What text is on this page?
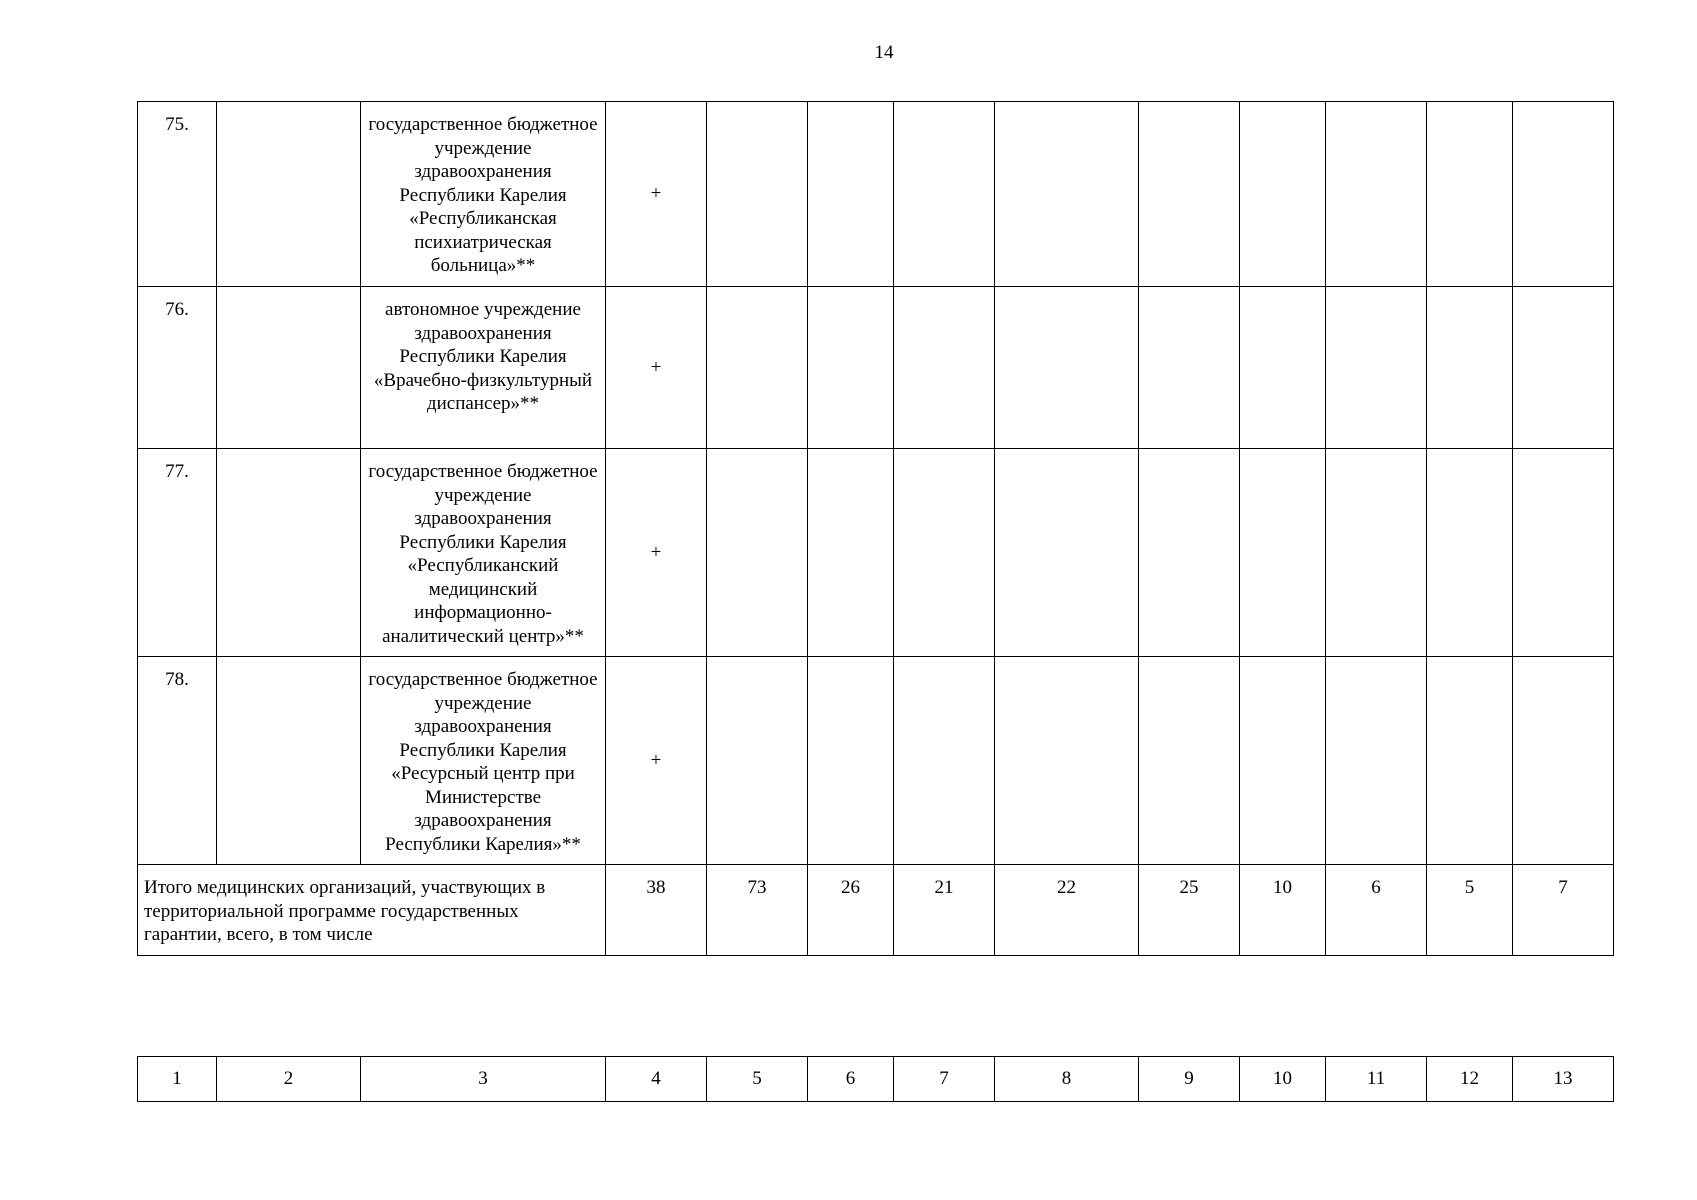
14
75.		государственное бюджетное учреждение здравоохранения Республики Карелия «Республиканская психиатрическая больница»**	+									
76.		автономное учреждение здравоохранения Республики Карелия «Врачебно-физкультурный диспансер»**	+									
77.		государственное бюджетное учреждение здравоохранения Республики Карелия «Республиканский медицинский информационно-аналитический центр»**	+									
78.		государственное бюджетное учреждение здравоохранения Республики Карелия «Ресурсный центр при Министерстве здравоохранения Республики Карелия»**	+									
Итого медицинских организаций, участвующих в территориальной программе государственных гарантии, всего, в том числе			38	73	26	21	22	25	10	6	5	7
1	2	3	4	5	6	7	8	9	10	11	12	13
